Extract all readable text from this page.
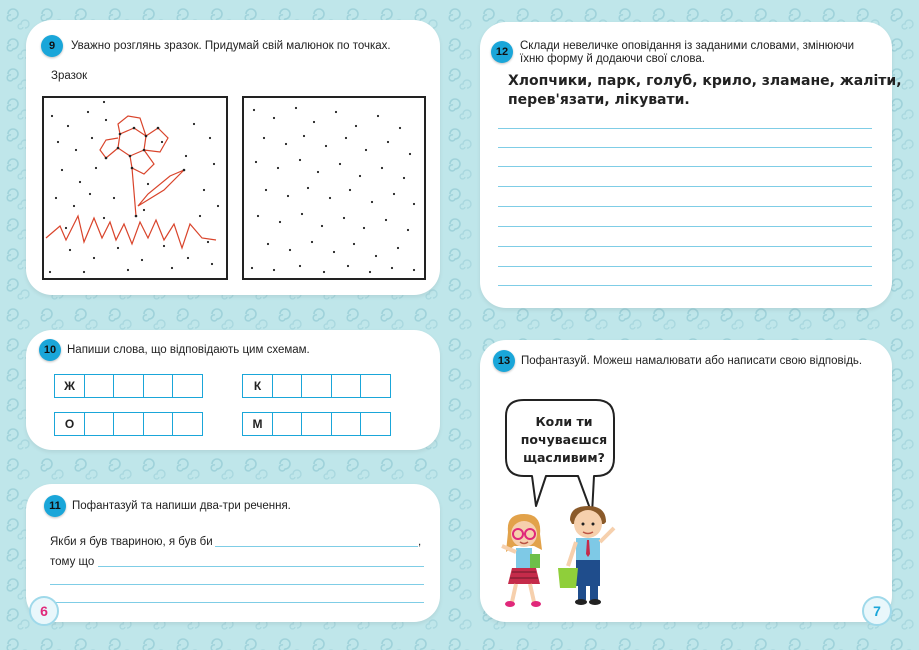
9	Уважно розглянь зразок. Придумай свій малюнок по точках.
Зразок
10 Напиши слова, що відповідають цим схемам.
Ж	К
О	М
11 Пофантазуй та напиши два-три речення.
Якби я був твариною, я був би	,
тому що
6
12	Склади невеличке оповідання із заданими словами, змінюючи
їхню форму й додаючи свої слова.
Хлопчики, парк, голуб, крило, зламане, жаліти,
перев'язати, лікувати.
13 Пофантазуй. Можеш намалювати або написати свою відповідь.
Коли ти
почуваєшся
щасливим?
7
